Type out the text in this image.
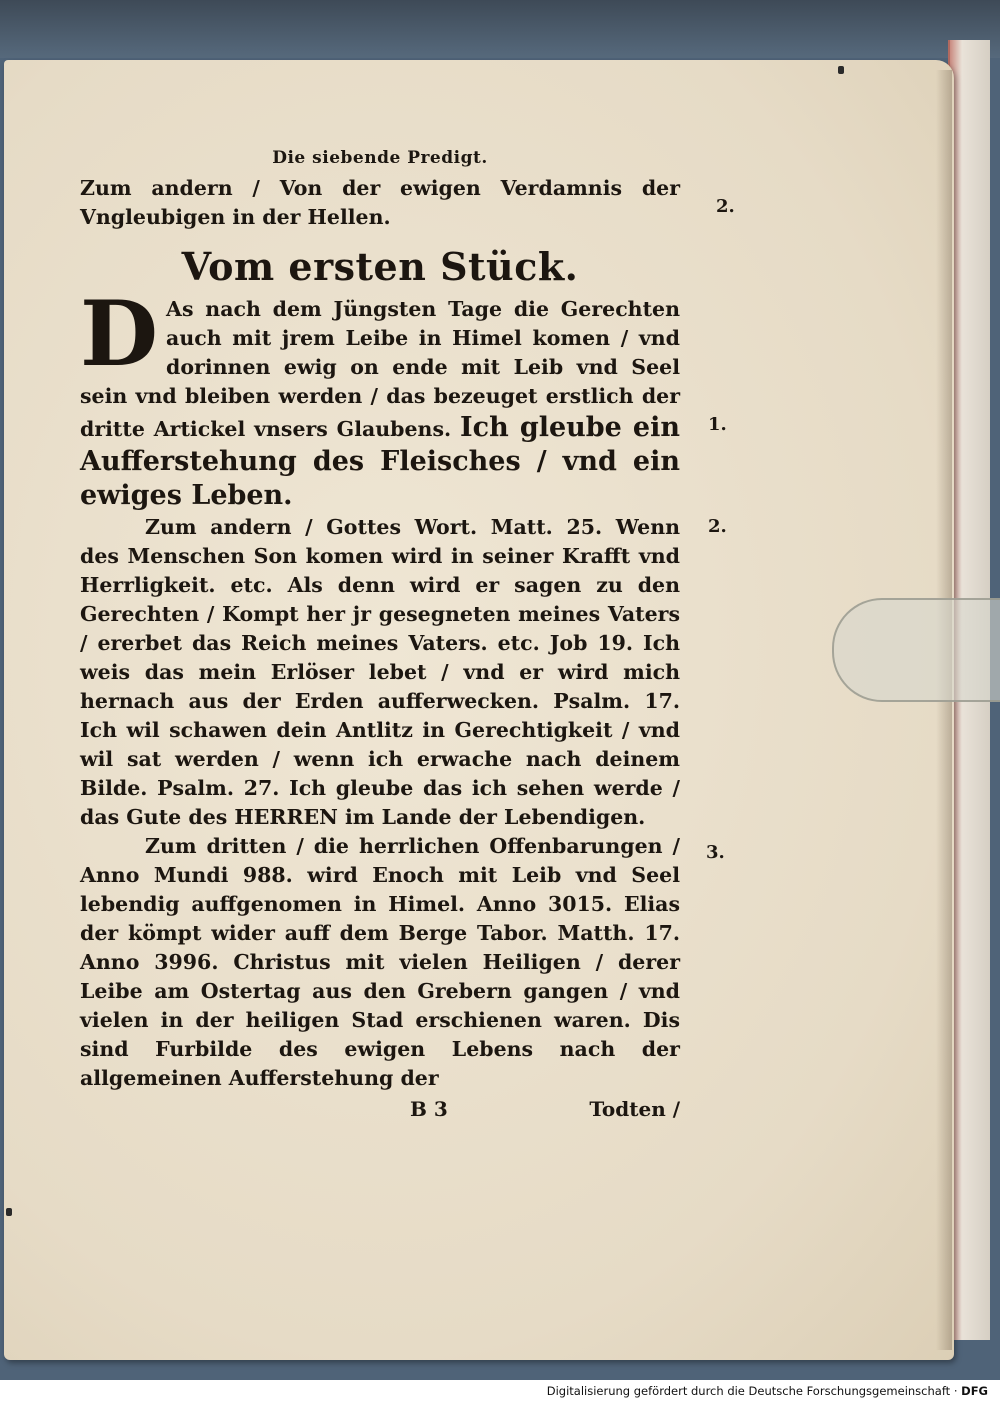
Die siebende Predigt.

Zum andern / Von der ewigen Verdamnis der Vngleubigen in der Hellen.

Vom ersten Stück.
D As nach dem Jüngsten Tage die Gerechten auch mit jrem Leibe in Himel komen / vnd dorinnen ewig on ende mit Leib vnd Seel sein vnd bleiben werden / das bezeuget erstlich der dritte Artickel vnsers Glaubens. Ich gleube ein Aufferstehung des Fleisches / vnd ein ewiges Leben.

Zum andern / Gottes Wort. Matt. 25. Wenn des Menschen Son komen wird in seiner Krafft vnd Herrligkeit. etc. Als denn wird er sagen zu den Gerechten / Kompt her jr gesegneten meines Vaters / ererbet das Reich meines Vaters. etc. Job 19. Ich weis das mein Erlöser lebet / vnd er wird mich hernach aus der Erden aufferwecken. Psalm. 17. Ich wil schawen dein Antlitz in Gerechtigkeit / vnd wil sat werden / wenn ich erwache nach deinem Bilde. Psalm. 27. Ich gleube das ich sehen werde / das Gute des HERREN im Lande der Lebendigen.

Zum dritten / die herrlichen Offenbarungen / Anno Mundi 988. wird Enoch mit Leib vnd Seel lebendig auffgenomen in Himel. Anno 3015. Elias der kömpt wider auff dem Berge Tabor. Matth. 17. Anno 3996. Christus mit vielen Heiligen / derer Leibe am Ostertag aus den Grebern gangen / vnd vielen in der heiligen Stad erschienen waren. Dis sind Furbilde des ewigen Lebens nach der allgemeinen Aufferstehung der

B 3	Todten /
2.
1.
2.
3.
Digitalisierung gefördert durch die Deutsche Forschungsgemeinschaft · DFG
